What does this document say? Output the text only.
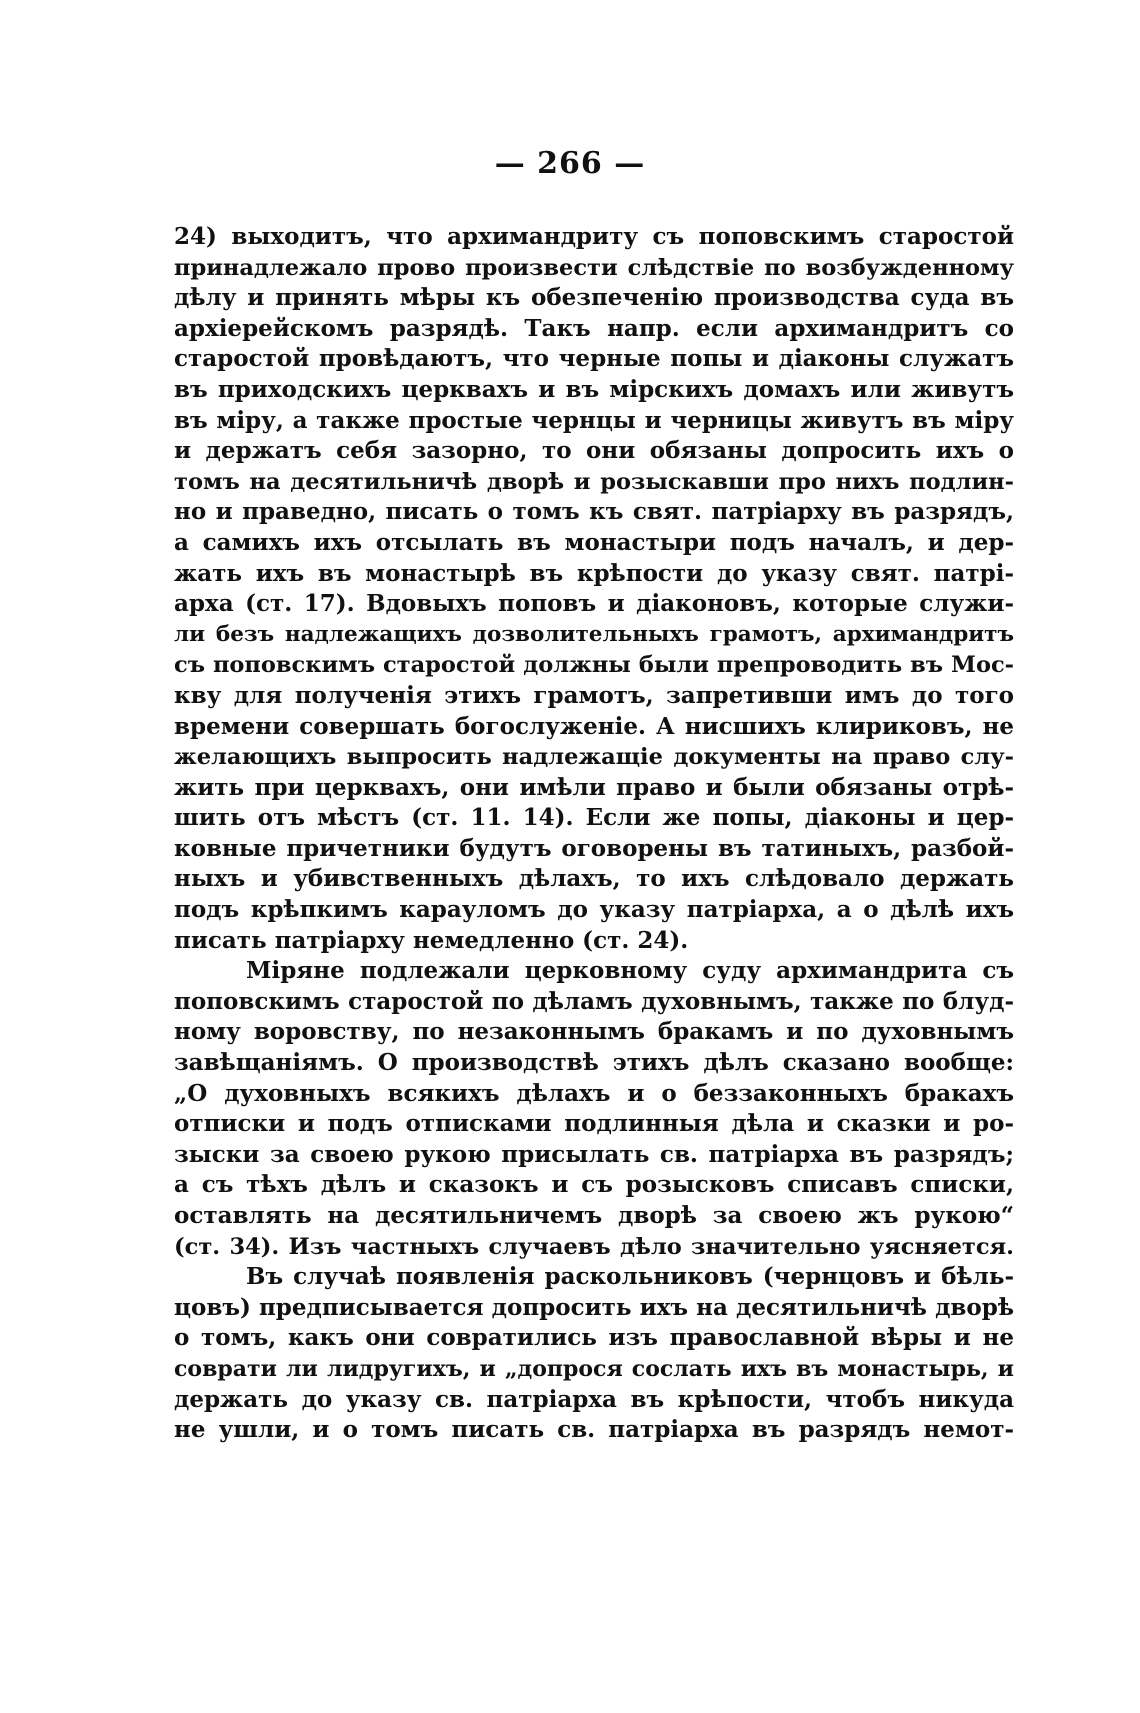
— 266 —
24) выходитъ, что архимандриту съ поповскимъ старостой
принадлежало прово произвести слѣдствіе по возбужденному
дѣлу и принять мѣры къ обезпеченію производства суда въ
архіерейскомъ разрядѣ. Такъ напр. если архимандритъ со
старостой провѣдаютъ, что черные попы и діаконы служатъ
въ приходскихъ церквахъ и въ мірскихъ домахъ или живутъ
въ міру, а также простые чернцы и черницы живутъ въ міру
и держатъ себя зазорно, то они обязаны допросить ихъ о
томъ на десятильничѣ дворѣ и розыскавши про нихъ подлин-
но и праведно, писать о томъ къ свят. патріарху въ разрядъ,
а самихъ ихъ отсылать въ монастыри подъ началъ, и дер-
жать ихъ въ монастырѣ въ крѣпости до указу свят. патрі-
арха (ст. 17). Вдовыхъ поповъ и діаконовъ, которые служи-
ли безъ надлежащихъ дозволительныхъ грамотъ, архимандритъ
съ поповскимъ старостой должны были препроводить въ Мос-
кву для полученія этихъ грамотъ, запретивши имъ до того
времени совершать богослуженіе. А нисшихъ клириковъ, не
желающихъ выпросить надлежащіе документы на право слу-
жить при церквахъ, они имѣли право и были обязаны отрѣ-
шить отъ мѣстъ (ст. 11. 14). Если же попы, діаконы и цер-
ковные причетники будутъ оговорены въ татиныхъ, разбой-
ныхъ и убивственныхъ дѣлахъ, то ихъ слѣдовало держать
подъ крѣпкимъ карауломъ до указу патріарха, а о дѣлѣ ихъ
писать патріарху немедленно (ст. 24).
Міряне подлежали церковному суду архимандрита съ
поповскимъ старостой по дѣламъ духовнымъ, также по блуд-
ному воровству, по незаконнымъ бракамъ и по духовнымъ
завѣщаніямъ. О производствѣ этихъ дѣлъ сказано вообще:
„О духовныхъ всякихъ дѣлахъ и о беззаконныхъ бракахъ
отписки и подъ отписками подлинныя дѣла и сказки и ро-
зыски за своею рукою присылать св. патріарха въ разрядъ;
а съ тѣхъ дѣлъ и сказокъ и съ розысковъ списавъ списки,
оставлять на десятильничемъ дворѣ за своею жъ рукою“
(ст. 34). Изъ частныхъ случаевъ дѣло значительно уясняется.
Въ случаѣ появленія раскольниковъ (чернцовъ и бѣль-
цовъ) предписывается допросить ихъ на десятильничѣ дворѣ
о томъ, какъ они совратились изъ православной вѣры и не
соврати ли лидругихъ, и „допрося сослать ихъ въ монастырь, и
держать до указу св. патріарха въ крѣпости, чтобъ никуда
не ушли, и о томъ писать св. патріарха въ разрядъ немот-
